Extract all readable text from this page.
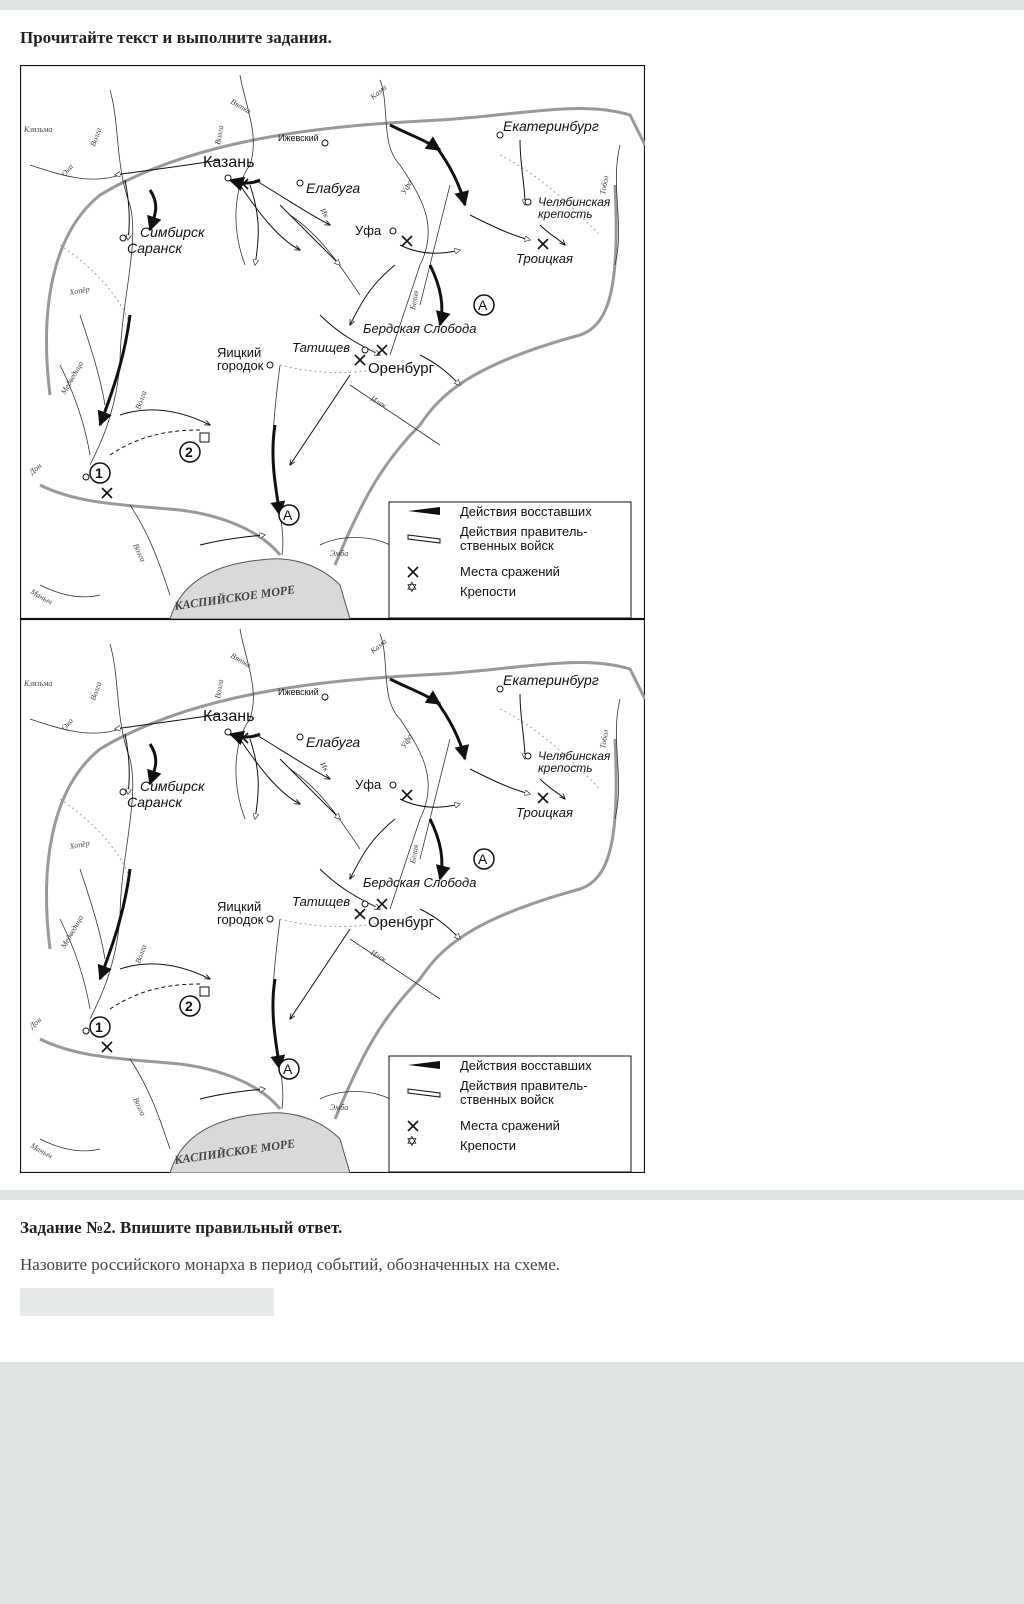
Прочитайте текст и выполните задания.
Казань
Ижевский
Екатеринбург
Елабуга
Симбирск
Саранск
Уфа
Челябинская
крепость
Троицкая
Бердская Слобода
Татищев
Оренбург
Яицкий
городок
Клязьма	Волга
Ока
Вятка
Кама
Уфа
Ик
Белая
Тобол
Хопёр
Медведица
Дон
Волга	Илек
Эмба
Маныч
Волга
Волга
КАСПИЙСКОЕ МОРЕ
1
2
А
А
✡
Действия восставших
Действия правитель-
ственных войск
Места сражений
Крепости
Казань
Ижевский
Екатеринбург
Елабуга
Симбирск
Саранск
Уфа
Челябинская
крепость
Троицкая
Бердская Слобода
Татищев
Оренбург
Яицкий
городок
Клязьма	Волга
Ока
Вятка
Кама
Уфа
Ик
Белая
Тобол
Хопёр
Медведица
Дон
Волга	Илек
Эмба
Маныч
Волга
Волга
КАСПИЙСКОЕ МОРЕ
1
2
А
А
✡
Действия восставших
Действия правитель-
ственных войск
Места сражений
Крепости
Задание №2. Впишите правильный ответ.
Назовите российского монарха в период событий, обозначенных на схеме.
